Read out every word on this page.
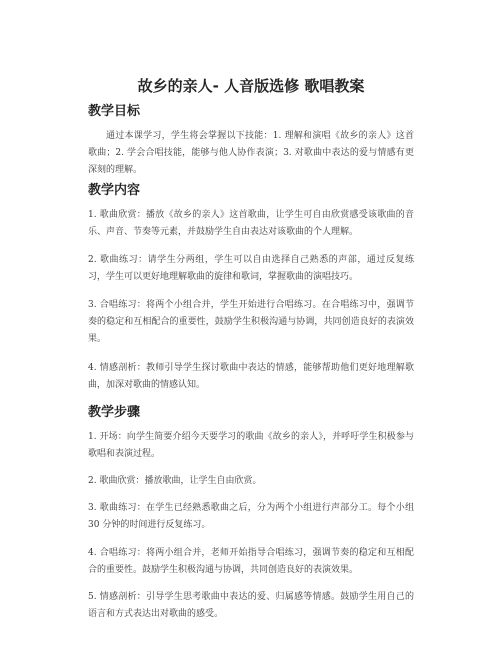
故乡的亲人- 人音版选修 歌唱教案
教学目标

通过本课学习，学生将会掌握以下技能：1. 理解和演唱《故乡的亲人》这首歌曲；2. 学会合唱技能，能够与他人协作表演；3. 对歌曲中表达的爱与情感有更深刻的理解。

教学内容

1. 歌曲欣赏：播放《故乡的亲人》这首歌曲，让学生可自由欣赏感受该歌曲的音乐、声音、节奏等元素，并鼓励学生自由表达对该歌曲的个人理解。

2. 歌曲练习：请学生分两组，学生可以自由选择自己熟悉的声部，通过反复练习，学生可以更好地理解歌曲的旋律和歌词，掌握歌曲的演唱技巧。

3. 合唱练习：将两个小组合并，学生开始进行合唱练习。在合唱练习中，强调节奏的稳定和互相配合的重要性，鼓励学生积极沟通与协调，共同创造良好的表演效果。

4. 情感剖析：教师引导学生探讨歌曲中表达的情感，能够帮助他们更好地理解歌曲，加深对歌曲的情感认知。

教学步骤

1. 开场：向学生简要介绍今天要学习的歌曲《故乡的亲人》，并呼吁学生积极参与歌唱和表演过程。

2. 歌曲欣赏：播放歌曲，让学生自由欣赏。

3. 歌曲练习：在学生已经熟悉歌曲之后，分为两个小组进行声部分工。每个小组 30 分钟的时间进行反复练习。

4. 合唱练习：将两小组合并，老师开始指导合唱练习，强调节奏的稳定和互相配合的重要性。鼓励学生积极沟通与协调，共同创造良好的表演效果。

5. 情感剖析：引导学生思考歌曲中表达的爱、归属感等情感。鼓励学生用自己的语言和方式表达出对歌曲的感受。
